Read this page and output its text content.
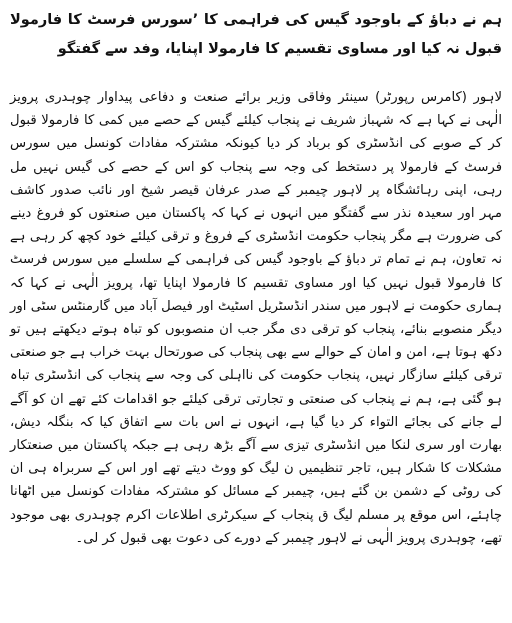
ہم نے دباؤ کے باوجود گیس کی فراہمی کا ’سورس فرسٹ کا فارمولا قبول نہ کیا اور مساوی تقسیم کا فارمولا اپنایا، وفد سے گفتگو

لاہور (کامرس رپورٹر) سینئر وفاقی وزیر برائے صنعت و دفاعی پیداوار چوہدری پرویز الٰہی نے کہا ہے کہ شہباز شریف نے پنجاب کیلئے گیس کے حصے میں کمی کا فارمولا قبول کر کے صوبے کی انڈسٹری کو برباد کر دیا کیونکہ مشترکہ مفادات کونسل میں سورس فرسٹ کے فارمولا پر دستخط کی وجہ سے پنجاب کو اس کے حصے کی گیس نہیں مل رہی، اپنی رہائشگاہ پر لاہور چیمبر کے صدر عرفان قیصر شیخ اور نائب صدور کاشف مہر اور سعیدہ نذر سے گفتگو میں انہوں نے کہا کہ پاکستان میں صنعتوں کو فروغ دینے کی ضرورت ہے مگر پنجاب حکومت انڈسٹری کے فروغ و ترقی کیلئے خود کچھ کر رہی ہے نہ تعاون، ہم نے تمام تر دباؤ کے باوجود گیس کی فراہمی کے سلسلے میں سورس فرسٹ کا فارمولا قبول نہیں کیا اور مساوی تقسیم کا فارمولا اپنایا تھا، پرویز الٰہی نے کہا کہ ہماری حکومت نے لاہور میں سندر انڈسٹریل اسٹیٹ اور فیصل آباد میں گارمنٹس سٹی اور دیگر منصوبے بنائے، پنجاب کو ترقی دی مگر جب ان منصوبوں کو تباہ ہوتے دیکھتے ہیں تو دکھ ہوتا ہے، امن و امان کے حوالے سے بھی پنجاب کی صورتحال بہت خراب ہے جو صنعتی ترقی کیلئے سازگار نہیں، پنجاب حکومت کی نااہلی کی وجہ سے پنجاب کی انڈسٹری تباہ ہو گئی ہے، ہم نے پنجاب کی صنعتی و تجارتی ترقی کیلئے جو اقدامات کئے تھے ان کو آگے لے جانے کی بجائے التواء کر دیا گیا ہے، انہوں نے اس بات سے اتفاق کیا کہ بنگلہ دیش، بھارت اور سری لنکا میں انڈسٹری تیزی سے آگے بڑھ رہی ہے جبکہ پاکستان میں صنعتکار مشکلات کا شکار ہیں، تاجر تنظیمیں ن لیگ کو ووٹ دیتے تھے اور اس کے سربراہ ہی ان کی روٹی کے دشمن بن گئے ہیں، چیمبر کے مسائل کو مشترکہ مفادات کونسل میں اٹھانا چاہئے، اس موقع پر مسلم لیگ ق پنجاب کے سیکرٹری اطلاعات اکرم چوہدری بھی موجود تھے، چوہدری پرویز الٰہی نے لاہور چیمبر کے دورے کی دعوت بھی قبول کر لی۔
